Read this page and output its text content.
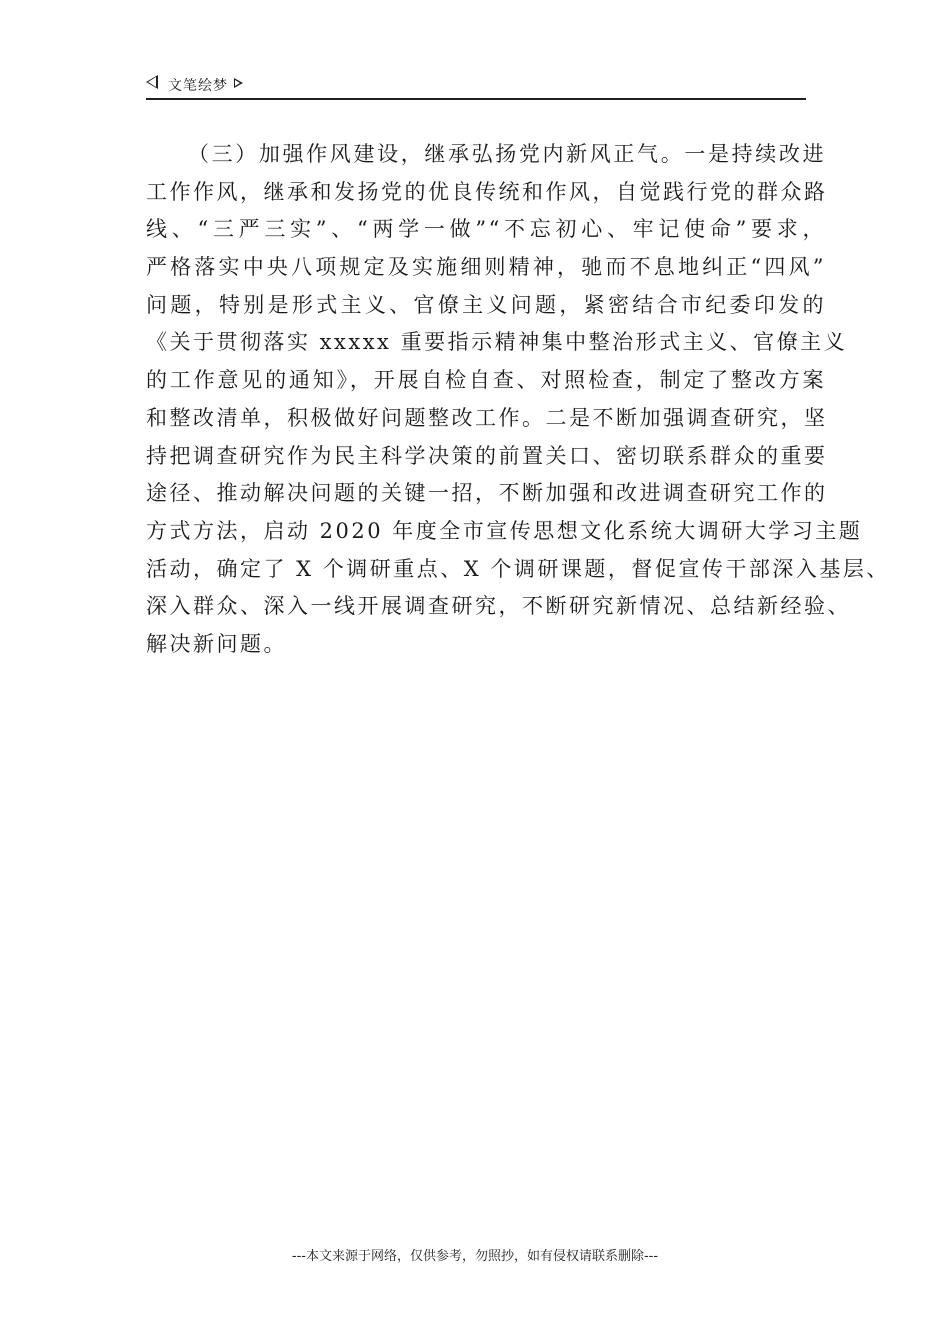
文笔绘梦
（三）加强作风建设，继承弘扬党内新风正气。一是持续改进
工作作风，继承和发扬党的优良传统和作风，自觉践行党的群众路
线、“三严三实”、“两学一做”“不忘初心、牢记使命”要求，
严格落实中央八项规定及实施细则精神，驰而不息地纠正“四风”
问题，特别是形式主义、官僚主义问题，紧密结合市纪委印发的
《关于贯彻落实 xxxxx 重要指示精神集中整治形式主义、官僚主义
的工作意见的通知》，开展自检自查、对照检查，制定了整改方案
和整改清单，积极做好问题整改工作。二是不断加强调查研究，坚
持把调查研究作为民主科学决策的前置关口、密切联系群众的重要
途径、推动解决问题的关键一招，不断加强和改进调查研究工作的
方式方法，启动 2020 年度全市宣传思想文化系统大调研大学习主题
活动，确定了 X 个调研重点、X 个调研课题，督促宣传干部深入基层、
深入群众、深入一线开展调查研究，不断研究新情况、总结新经验、
解决新问题。
---本文来源于网络，仅供参考，勿照抄，如有侵权请联系删除---
